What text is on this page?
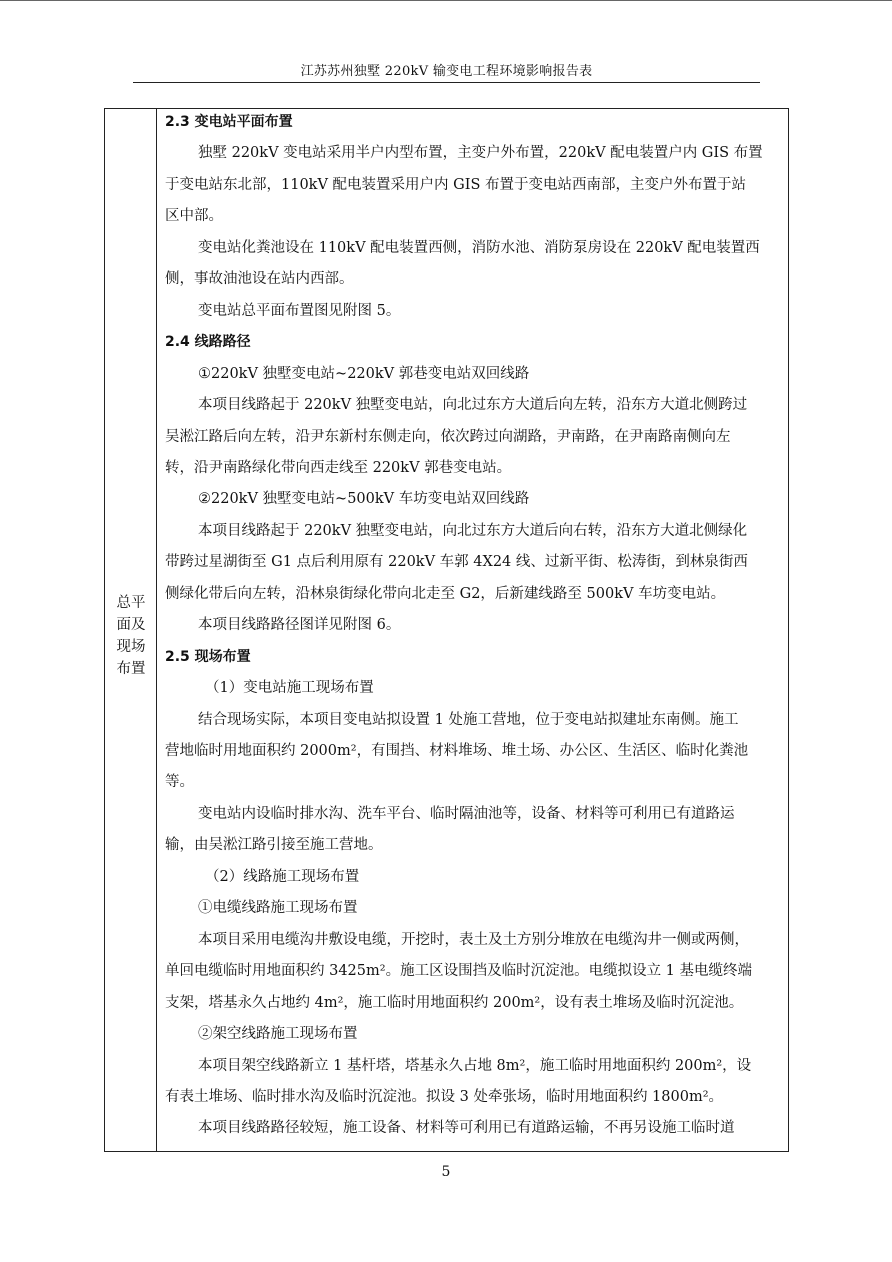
江苏苏州独墅 220kV 输变电工程环境影响报告表
总平
面及
现场
布置
2.3 变电站平面布置
独墅 220kV 变电站采用半户内型布置，主变户外布置，220kV 配电装置户内 GIS 布置
于变电站东北部，110kV 配电装置采用户内 GIS 布置于变电站西南部，主变户外布置于站
区中部。
变电站化粪池设在 110kV 配电装置西侧，消防水池、消防泵房设在 220kV 配电装置西
侧，事故油池设在站内西部。
变电站总平面布置图见附图 5。
2.4 线路路径
①220kV 独墅变电站~220kV 郭巷变电站双回线路
本项目线路起于 220kV 独墅变电站，向北过东方大道后向左转，沿东方大道北侧跨过
吴淞江路后向左转，沿尹东新村东侧走向，依次跨过向湖路，尹南路，在尹南路南侧向左
转，沿尹南路绿化带向西走线至 220kV 郭巷变电站。
②220kV 独墅变电站~500kV 车坊变电站双回线路
本项目线路起于 220kV 独墅变电站，向北过东方大道后向右转，沿东方大道北侧绿化
带跨过星湖街至 G1 点后利用原有 220kV 车郭 4X24 线、过新平街、松涛街，到林泉街西
侧绿化带后向左转，沿林泉街绿化带向北走至 G2，后新建线路至 500kV 车坊变电站。
本项目线路路径图详见附图 6。
2.5 现场布置
（1）变电站施工现场布置
结合现场实际，本项目变电站拟设置 1 处施工营地，位于变电站拟建址东南侧。施工
营地临时用地面积约 2000m²，有围挡、材料堆场、堆土场、办公区、生活区、临时化粪池
等。
变电站内设临时排水沟、洗车平台、临时隔油池等，设备、材料等可利用已有道路运
输，由吴淞江路引接至施工营地。
（2）线路施工现场布置
①电缆线路施工现场布置
本项目采用电缆沟井敷设电缆，开挖时，表土及土方别分堆放在电缆沟井一侧或两侧，
单回电缆临时用地面积约 3425m²。施工区设围挡及临时沉淀池。电缆拟设立 1 基电缆终端
支架，塔基永久占地约 4m²，施工临时用地面积约 200m²，设有表土堆场及临时沉淀池。
②架空线路施工现场布置
本项目架空线路新立 1 基杆塔，塔基永久占地 8m²，施工临时用地面积约 200m²，设
有表土堆场、临时排水沟及临时沉淀池。拟设 3 处牵张场，临时用地面积约 1800m²。
本项目线路路径较短，施工设备、材料等可利用已有道路运输，不再另设施工临时道
5
